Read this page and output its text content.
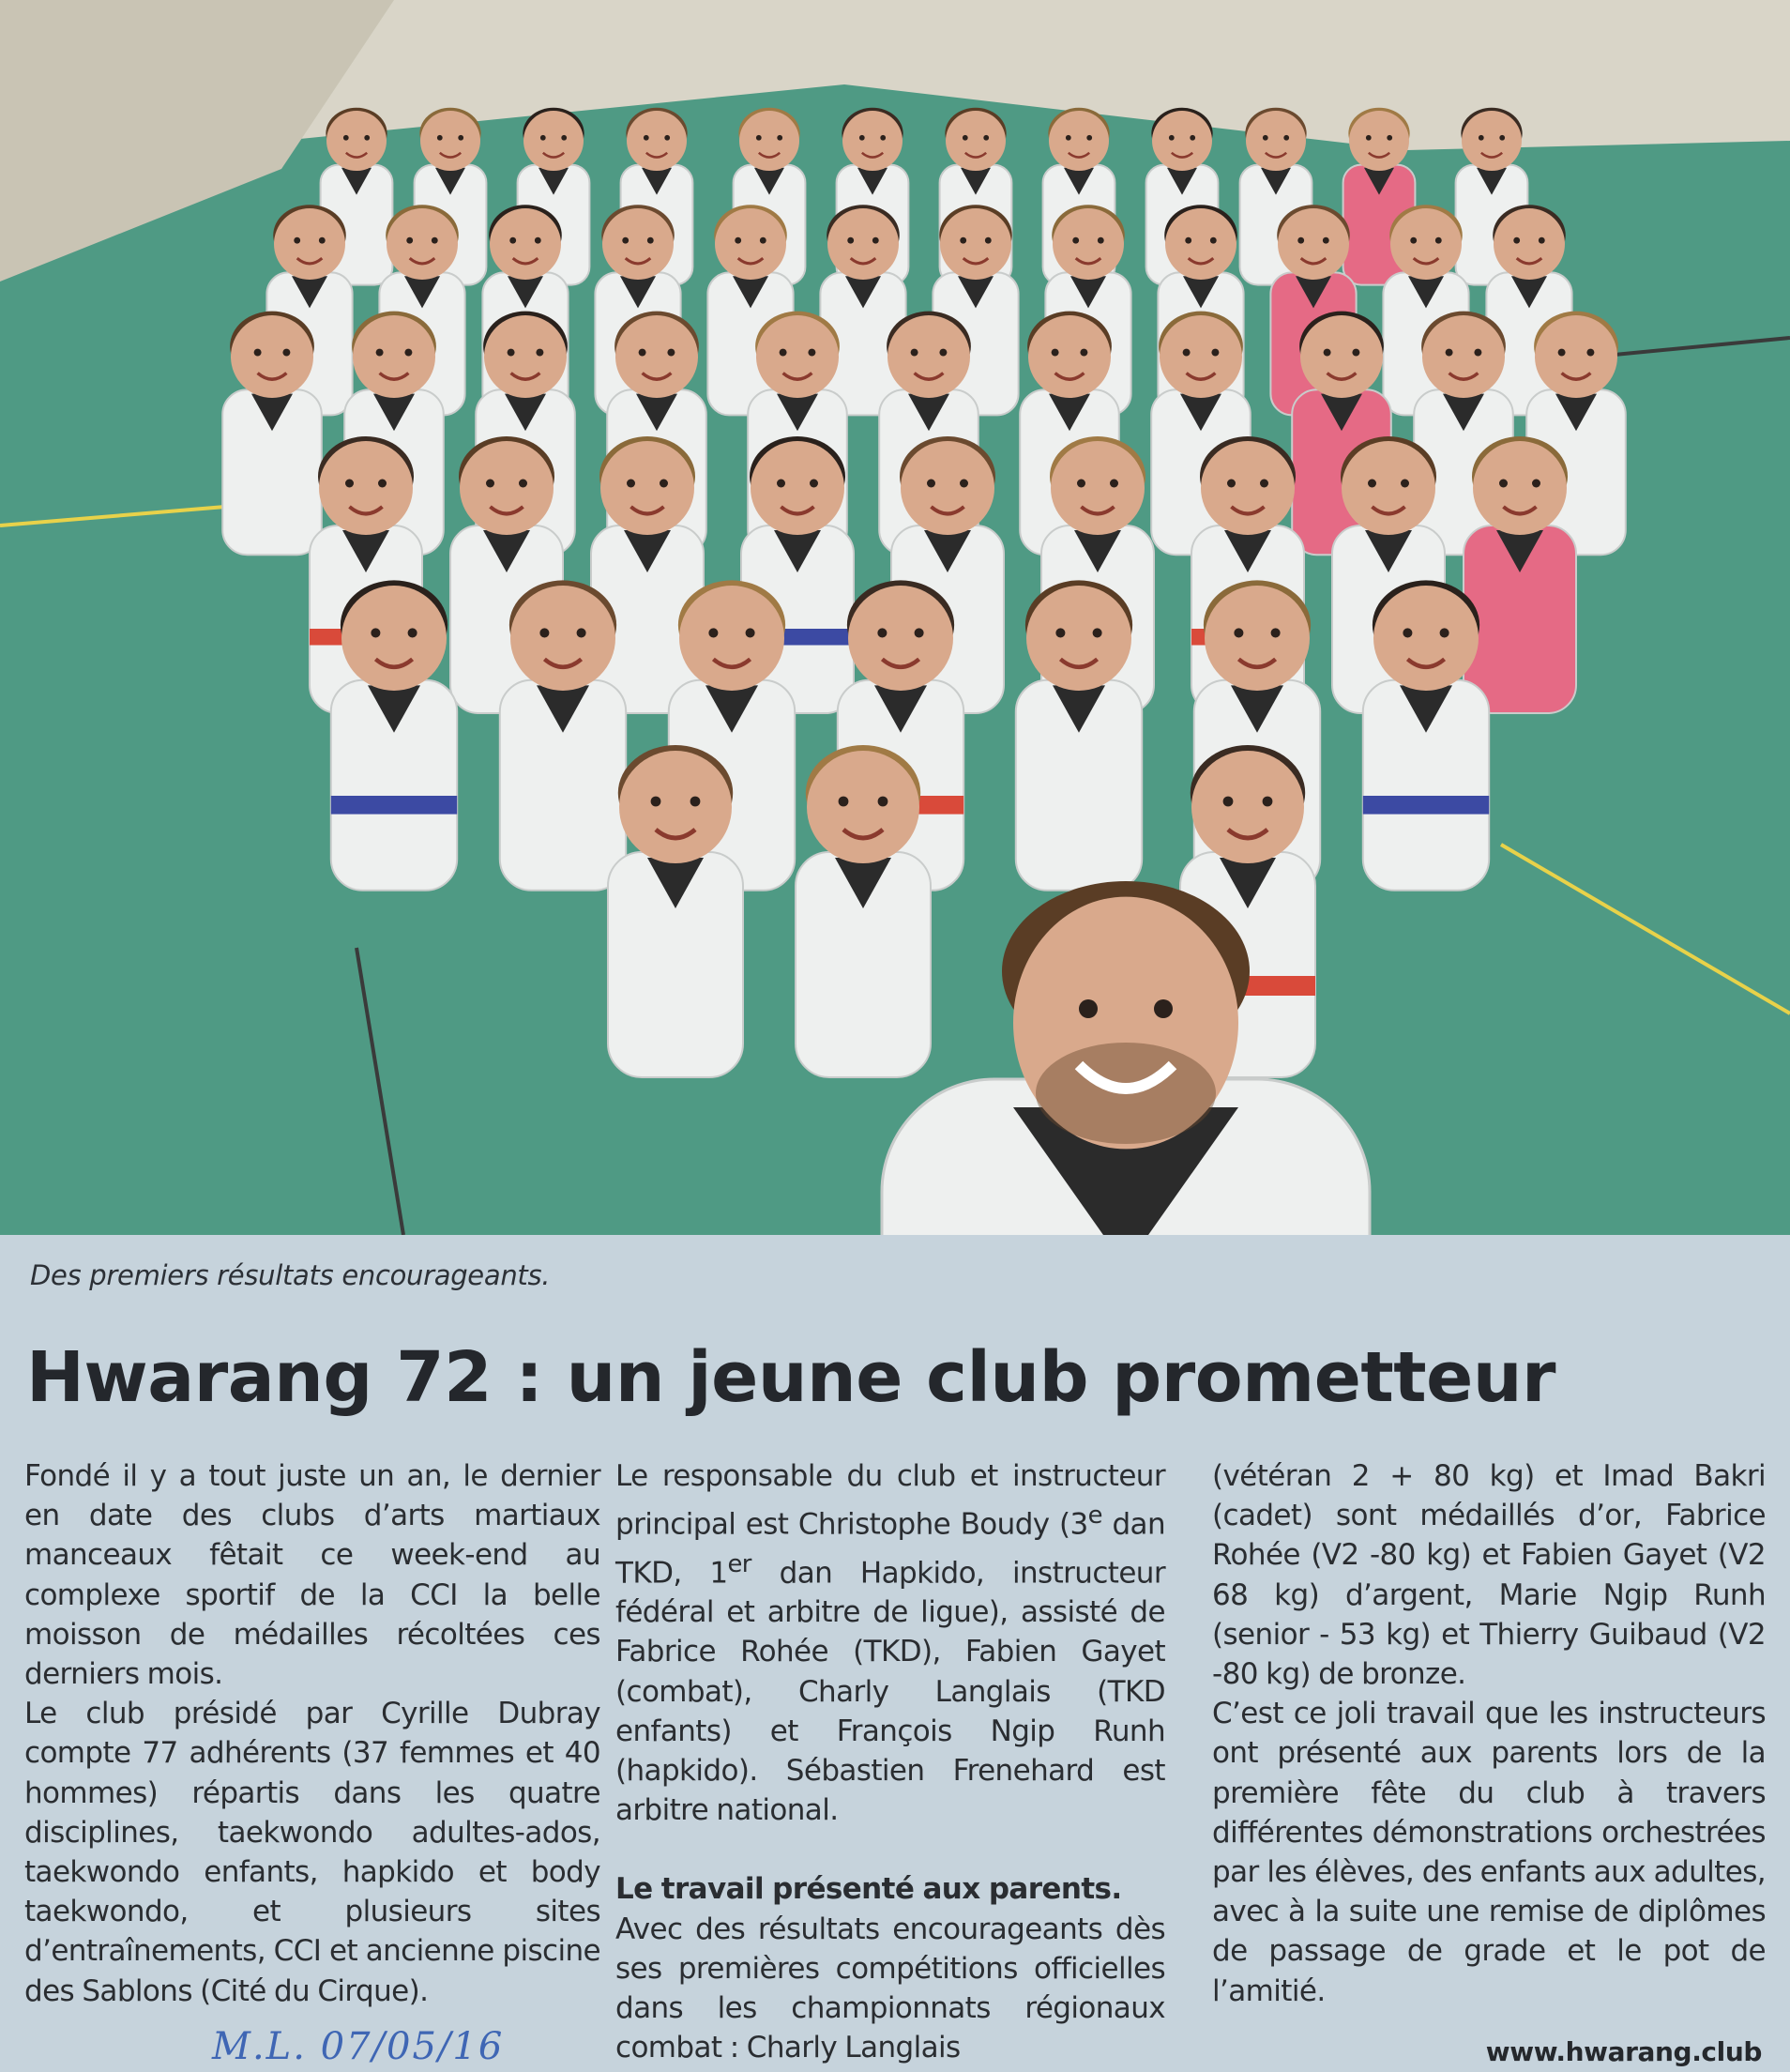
Des premiers résultats encourageants.
Hwarang 72 : un jeune club prometteur

Fondé il y a tout juste un an, le dernier en date des clubs d’arts martiaux manceaux fêtait ce week-end au complexe sportif de la CCI la belle moisson de médailles récoltées ces derniers mois.

Le club présidé par Cyrille Dubray compte 77 adhérents (37 femmes et 40 hommes) répartis dans les quatre disciplines, taekwondo adultes-ados, taekwondo enfants, hapkido et body taekwondo, et plusieurs sites d’entraînements, CCI et ancienne piscine des Sablons (Cité du Cirque).

Le responsable du club et instructeur principal est Christophe Boudy (3e dan TKD, 1er dan Hapkido, instructeur fédéral et arbitre de ligue), assisté de Fabrice Rohée (TKD), Fabien Gayet (combat), Charly Langlais (TKD enfants) et François Ngip Runh (hapkido). Sébastien Frenehard est arbitre national.

Le travail présenté aux parents.

Avec des résultats encourageants dès ses premières compétitions officielles dans les championnats régionaux combat : Charly Langlais

(vétéran 2 + 80 kg) et Imad Bakri (cadet) sont médaillés d’or, Fabrice Rohée (V2 -80 kg) et Fabien Gayet (V2 68 kg) d’argent, Marie Ngip Runh (senior - 53 kg) et Thierry Guibaud (V2 -80 kg) de bronze.

C’est ce joli travail que les instructeurs ont présenté aux parents lors de la première fête du club à travers différentes démonstrations orchestrées par les élèves, des enfants aux adultes, avec à la suite une remise de diplômes de passage de grade et le pot de l’amitié.

M.L. 07/05/16	www.hwarang.club
